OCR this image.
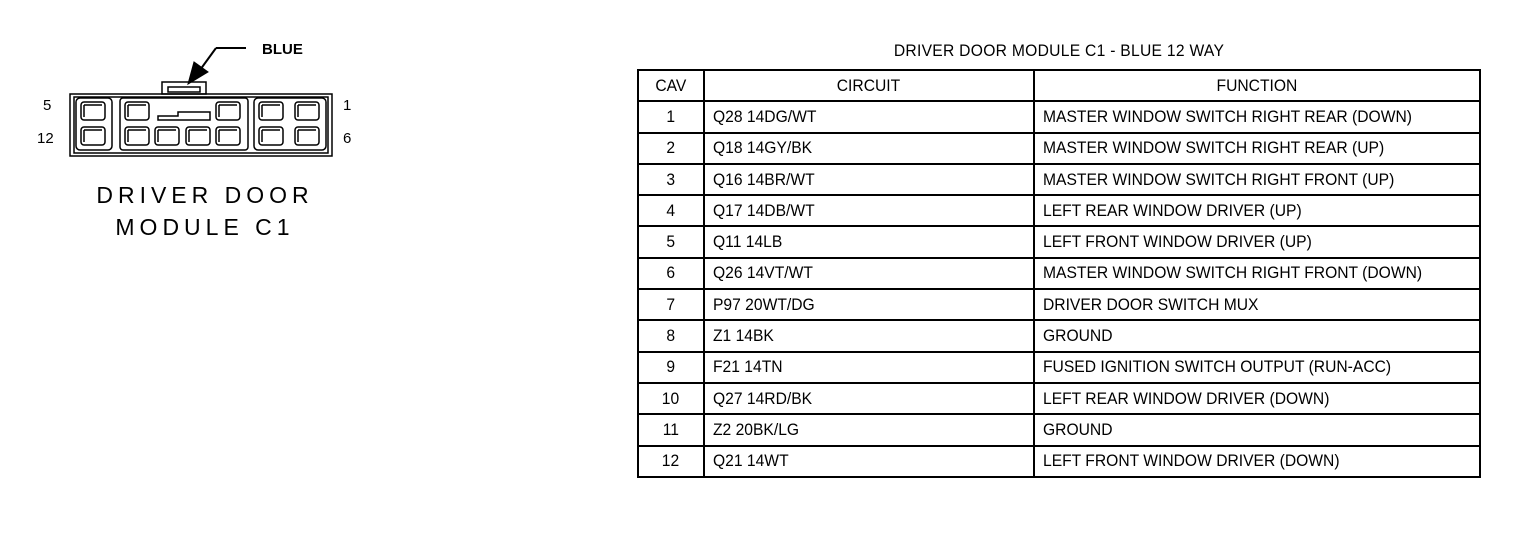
BLUE
5
12
1
6
DRIVER DOOR
MODULE C1
DRIVER DOOR MODULE C1 - BLUE 12 WAY
CAV	CIRCUIT	FUNCTION
1	Q28 14DG/WT	MASTER WINDOW SWITCH RIGHT REAR (DOWN)
2	Q18 14GY/BK	MASTER WINDOW SWITCH RIGHT REAR (UP)
3	Q16 14BR/WT	MASTER WINDOW SWITCH RIGHT FRONT (UP)
4	Q17 14DB/WT	LEFT REAR WINDOW DRIVER (UP)
5	Q11 14LB	LEFT FRONT WINDOW DRIVER (UP)
6	Q26 14VT/WT	MASTER WINDOW SWITCH RIGHT FRONT (DOWN)
7	P97 20WT/DG	DRIVER DOOR SWITCH MUX
8	Z1 14BK	GROUND
9	F21 14TN	FUSED IGNITION SWITCH OUTPUT (RUN-ACC)
10	Q27 14RD/BK	LEFT REAR WINDOW DRIVER (DOWN)
11	Z2 20BK/LG	GROUND
12	Q21 14WT	LEFT FRONT WINDOW DRIVER (DOWN)
